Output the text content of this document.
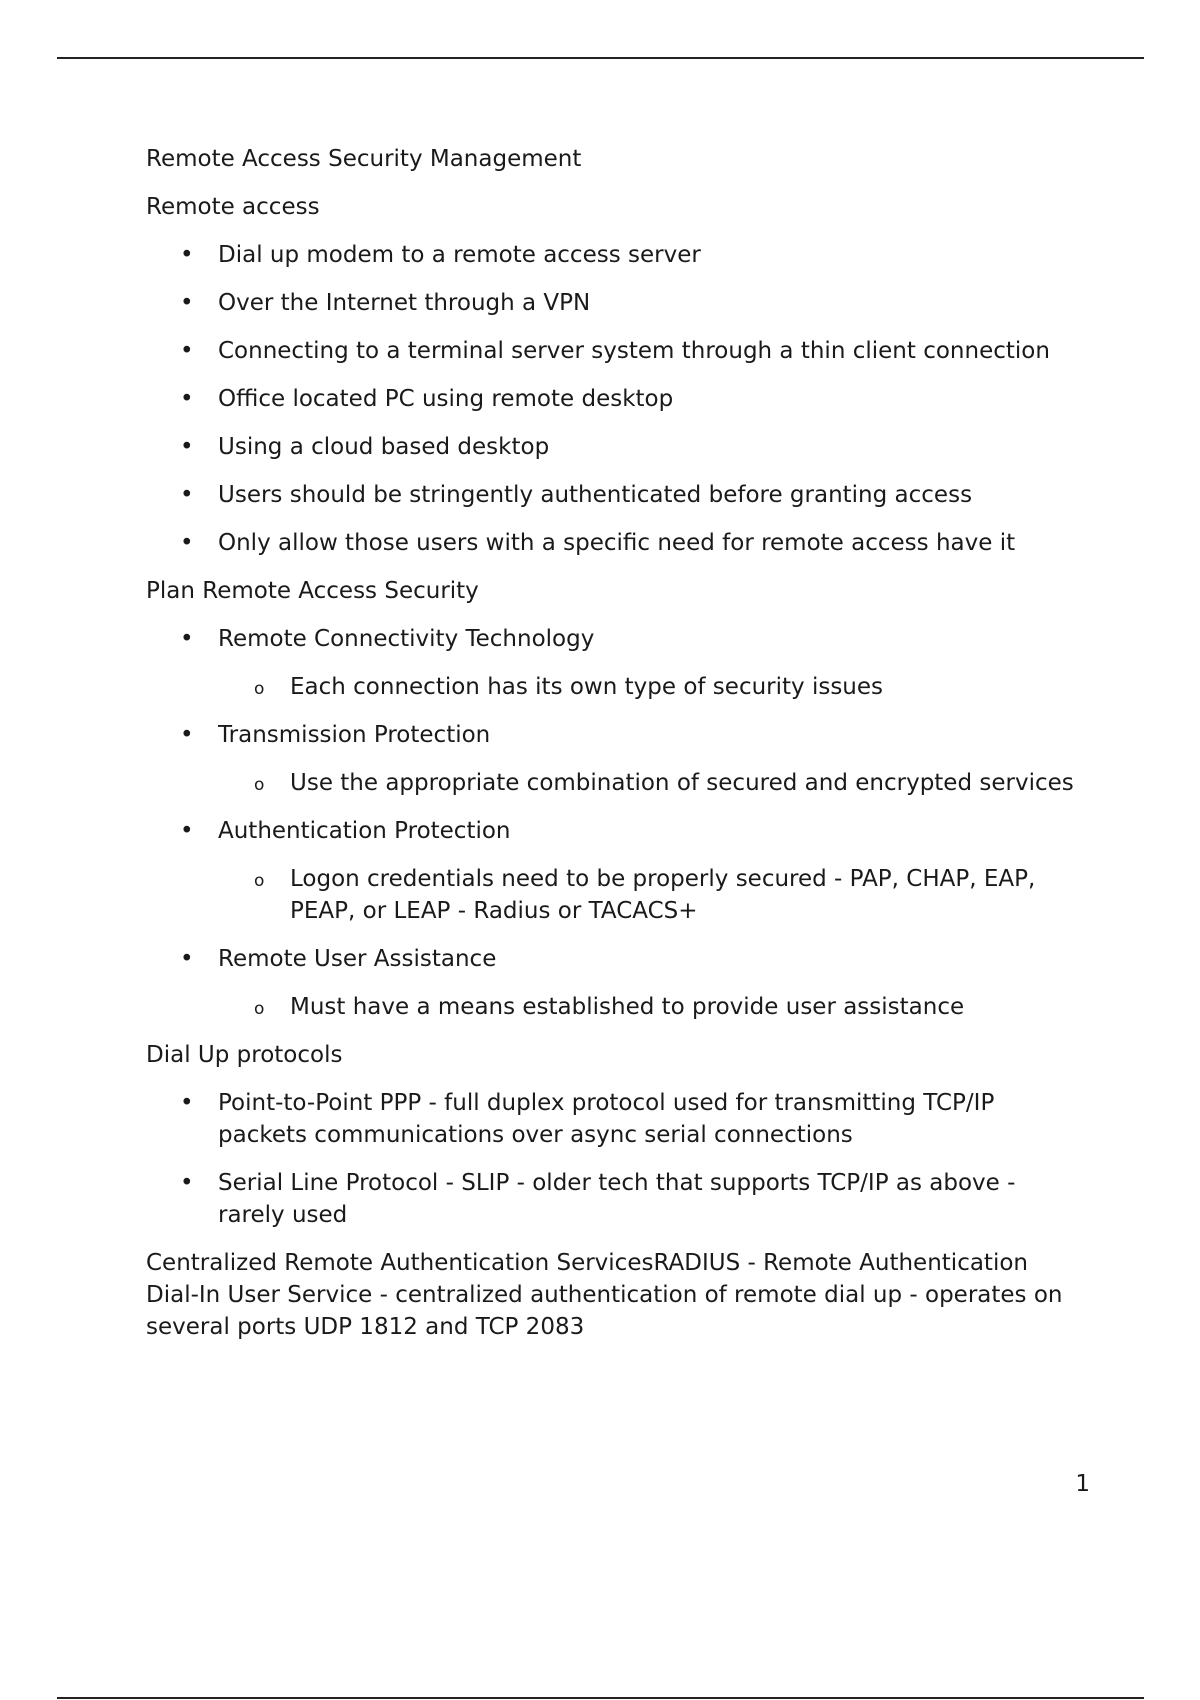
Remote Access Security Management

Remote access

• Dial up modem to a remote access server
• Over the Internet through a VPN
• Connecting to a terminal server system through a thin client connection
• Office located PC using remote desktop
• Using a cloud based desktop
• Users should be stringently authenticated before granting access
• Only allow those users with a specific need for remote access have it

Plan Remote Access Security

• Remote Connectivity Technology
o Each connection has its own type of security issues
• Transmission Protection
o Use the appropriate combination of secured and encrypted services
• Authentication Protection
o Logon credentials need to be properly secured - PAP, CHAP, EAP, PEAP, or LEAP - Radius or TACACS+
• Remote User Assistance
o Must have a means established to provide user assistance

Dial Up protocols

• Point-to-Point PPP - full duplex protocol used for transmitting TCP/IP packets communications over async serial connections
• Serial Line Protocol - SLIP - older tech that supports TCP/IP as above - rarely used

Centralized Remote Authentication ServicesRADIUS - Remote Authentication Dial-In User Service - centralized authentication of remote dial up - operates on several ports UDP 1812 and TCP 2083

1
